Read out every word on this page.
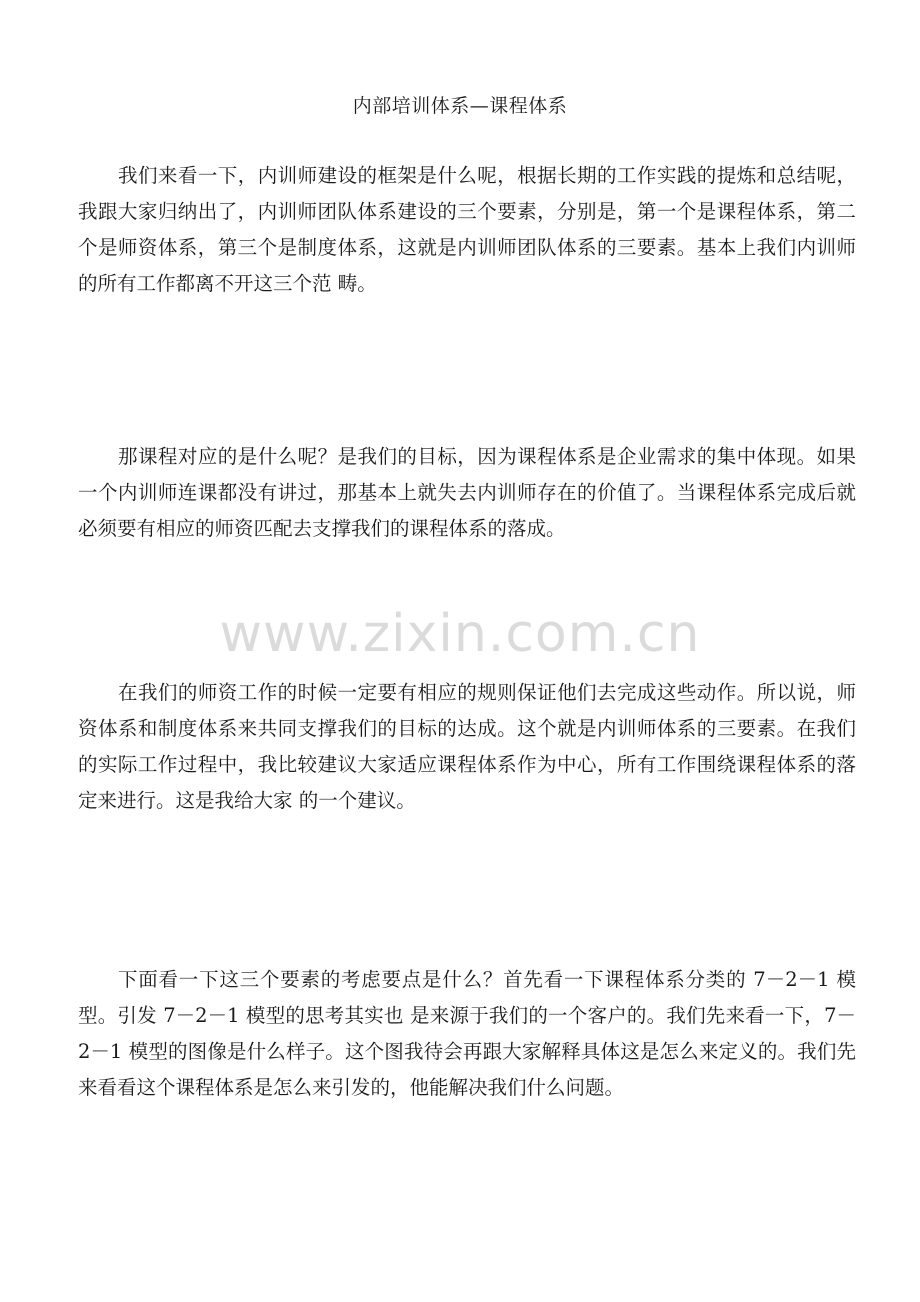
内部培训体系—课程体系

我们来看一下，内训师建设的框架是什么呢，根据长期的工作实践的提炼和总结呢，我跟大家归纳出了，内训师团队体系建设的三个要素，分别是，第一个是课程体系，第二个是师资体系，第三个是制度体系，这就是内训师团队体系的三要素。基本上我们内训师的所有工作都离不开这三个范 畴。

那课程对应的是什么呢？是我们的目标，因为课程体系是企业需求的集中体现。如果一个内训师连课都没有讲过，那基本上就失去内训师存在的价值了。当课程体系完成后就必须要有相应的师资匹配去支撑我们的课程体系的落成。

www.zixin.com.cn

在我们的师资工作的时候一定要有相应的规则保证他们去完成这些动作。所以说，师资体系和制度体系来共同支撑我们的目标的达成。这个就是内训师体系的三要素。在我们的实际工作过程中，我比较建议大家适应课程体系作为中心，所有工作围绕课程体系的落定来进行。这是我给大家 的一个建议。

下面看一下这三个要素的考虑要点是什么？首先看一下课程体系分类的 7－2－1 模型。引发 7－2－1 模型的思考其实也 是来源于我们的一个客户的。我们先来看一下，7－2－1 模型的图像是什么样子。这个图我待会再跟大家解释具体这是怎么来定义的。我们先来看看这个课程体系是怎么来引发的，他能解决我们什么问题。
